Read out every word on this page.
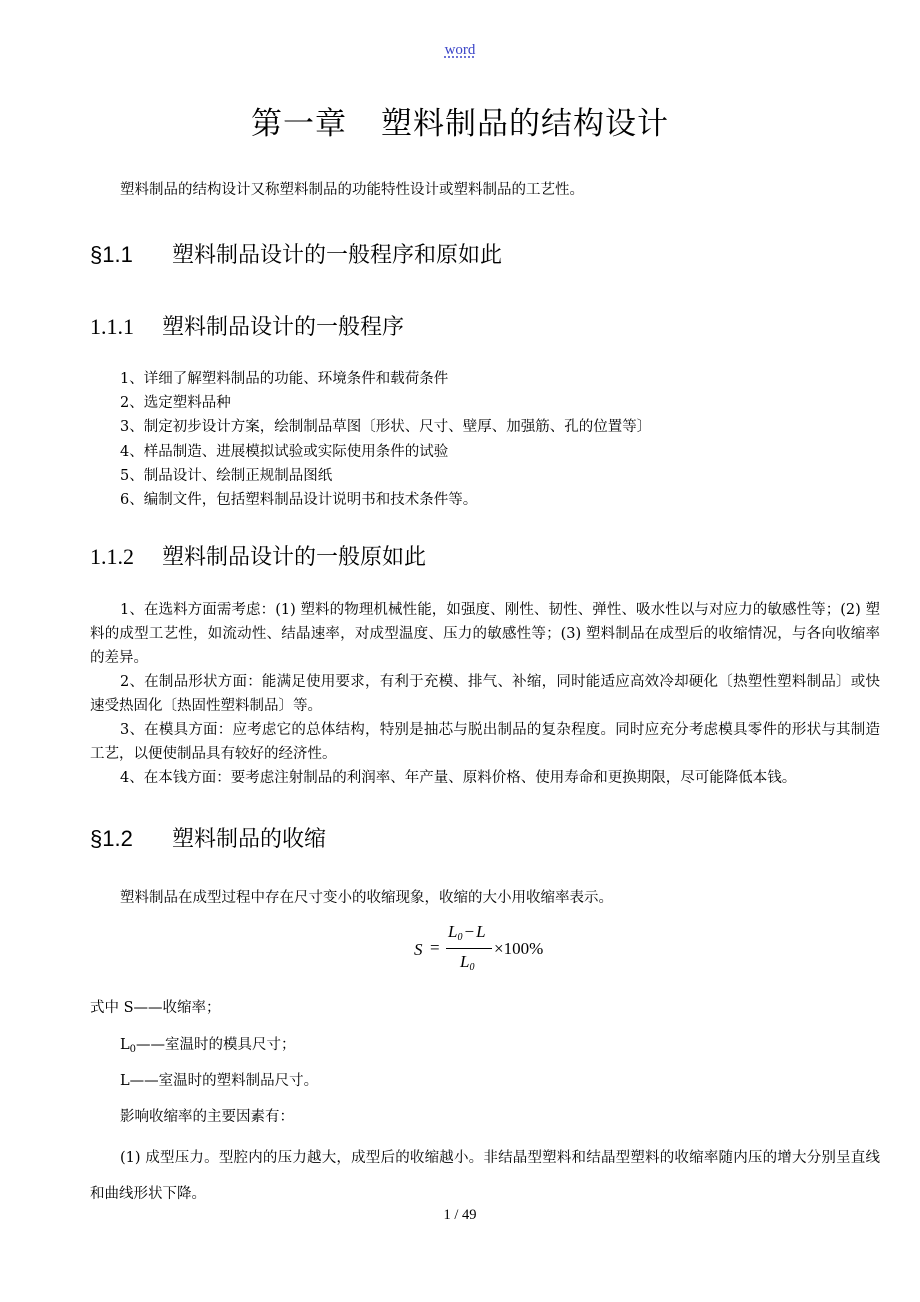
word
第一章 塑料制品的结构设计
塑料制品的结构设计又称塑料制品的功能特性设计或塑料制品的工艺性。
§1.1 塑料制品设计的一般程序和原如此
1.1.1 塑料制品设计的一般程序
1、详细了解塑料制品的功能、环境条件和载荷条件
2、选定塑料品种
3、制定初步设计方案，绘制制品草图〔形状、尺寸、壁厚、加强筋、孔的位置等〕
4、样品制造、进展模拟试验或实际使用条件的试验
5、制品设计、绘制正规制品图纸
6、编制文件，包括塑料制品设计说明书和技术条件等。
1.1.2 塑料制品设计的一般原如此

1、在选料方面需考虑：(1) 塑料的物理机械性能，如强度、刚性、韧性、弹性、吸水性以与对应力的敏感性等；(2) 塑料的成型工艺性，如流动性、结晶速率，对成型温度、压力的敏感性等；(3) 塑料制品在成型后的收缩情况，与各向收缩率的差异。

2、在制品形状方面：能满足使用要求，有利于充模、排气、补缩，同时能适应高效冷却硬化〔热塑性塑料制品〕或快速受热固化〔热固性塑料制品〕等。

3、在模具方面：应考虑它的总体结构，特别是抽芯与脱出制品的复杂程度。同时应充分考虑模具零件的形状与其制造工艺，以便使制品具有较好的经济性。

4、在本钱方面：要考虑注射制品的利润率、年产量、原料价格、使用寿命和更换期限，尽可能降低本钱。

§1.2 塑料制品的收缩
塑料制品在成型过程中存在尺寸变小的收缩现象，收缩的大小用收缩率表示。
S =
$L_0 - L$
$L_0$
×100%
式中 S——收缩率；
$L_0——$室温时的模具尺寸；
L——室温时的塑料制品尺寸。
影响收缩率的主要因素有：
(1) 成型压力。型腔内的压力越大，成型后的收缩越小。非结晶型塑料和结晶型塑料的收缩率随内压的增大分别呈直线和曲线形状下降。
1 / 49
